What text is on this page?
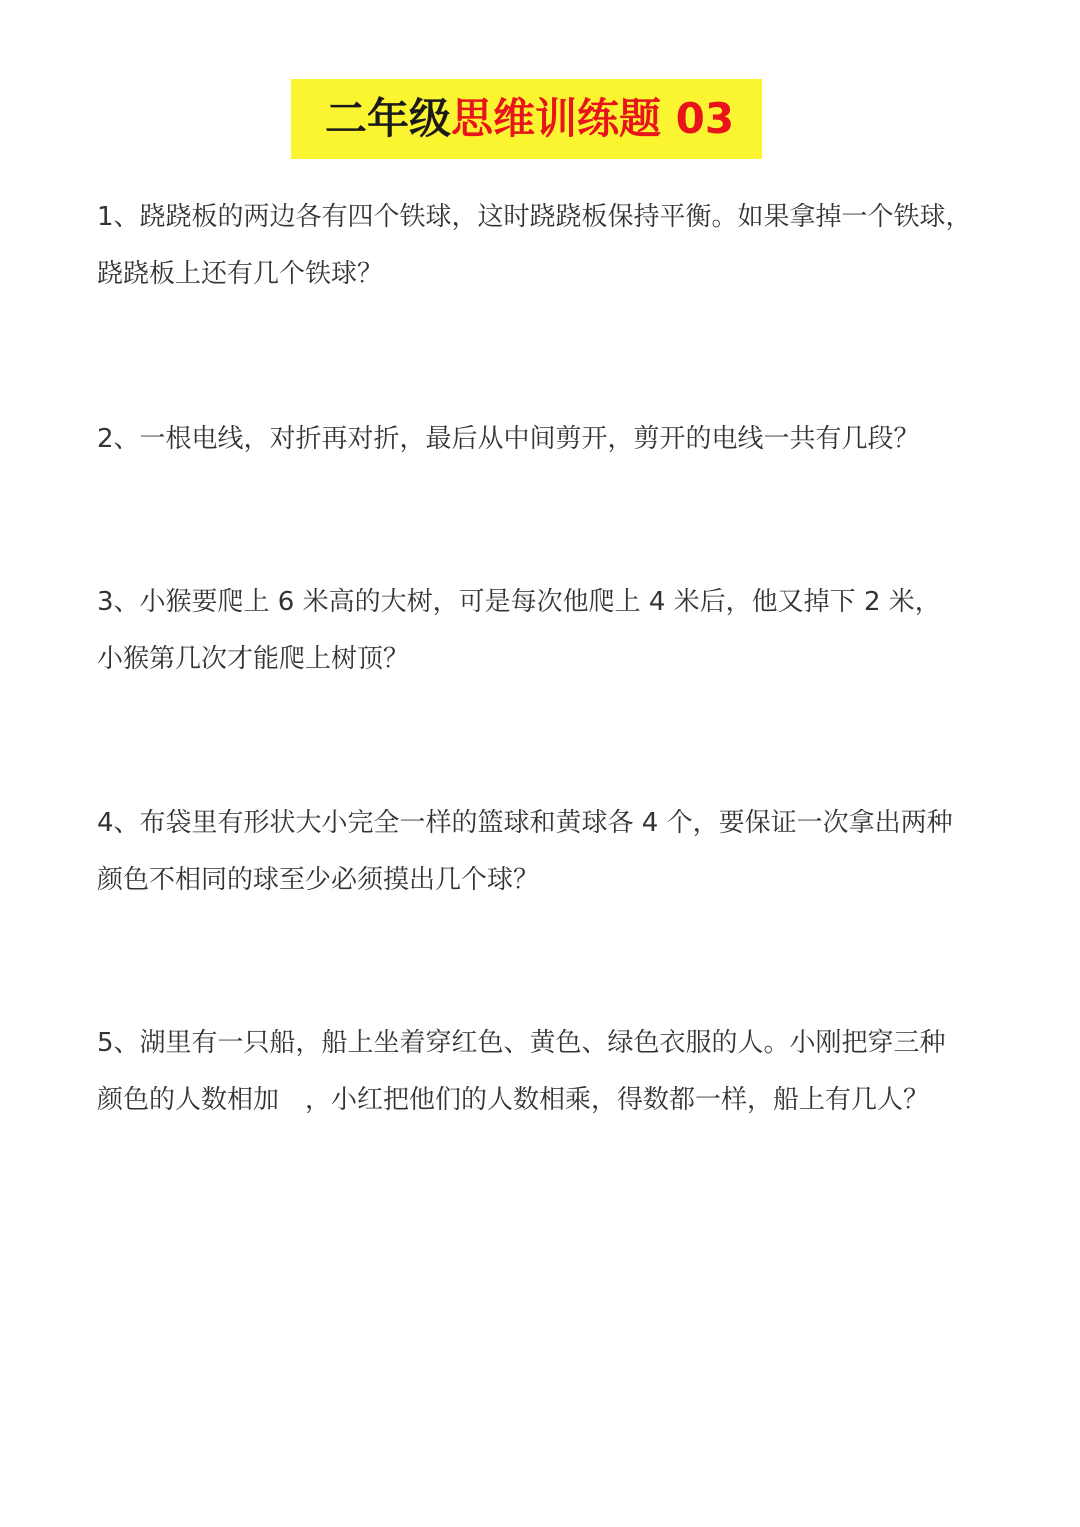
二年级思维训练题 03
1、跷跷板的两边各有四个铁球，这时跷跷板保持平衡。如果拿掉一个铁球，
跷跷板上还有几个铁球？
2、一根电线，对折再对折，最后从中间剪开，剪开的电线一共有几段？
3、小猴要爬上 6 米高的大树，可是每次他爬上 4 米后，他又掉下 2 米，
小猴第几次才能爬上树顶？
4、布袋里有形状大小完全一样的篮球和黄球各 4 个，要保证一次拿出两种
颜色不相同的球至少必须摸出几个球？
5、湖里有一只船，船上坐着穿红色、黄色、绿色衣服的人。小刚把穿三种
颜色的人数相加　，小红把他们的人数相乘，得数都一样，船上有几人？
